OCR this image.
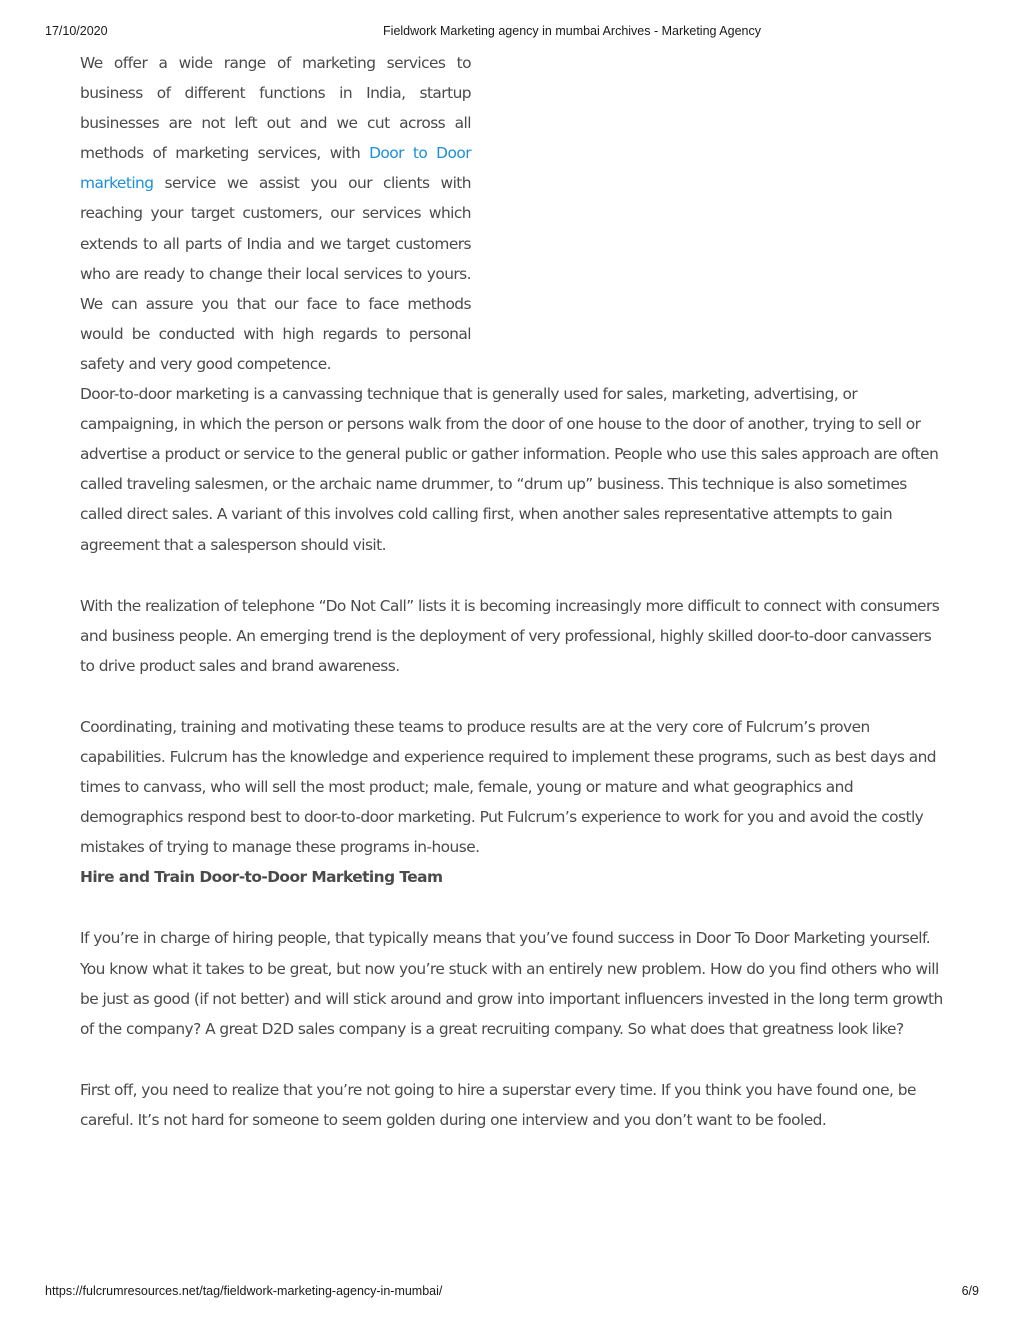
17/10/2020	Fieldwork Marketing agency in mumbai Archives - Marketing Agency

We offer a wide range of marketing services to business of different functions in India, startup businesses are not left out and we cut across all methods of marketing services, with Door to Door marketing service we assist you our clients with reaching your target customers, our services which extends to all parts of India and we target customers who are ready to change their local services to yours. We can assure you that our face to face methods would be conducted with high regards to personal safety and very good competence.

Door-to-door marketing is a canvassing technique that is generally used for sales, marketing, advertising, or campaigning, in which the person or persons walk from the door of one house to the door of another, trying to sell or advertise a product or service to the general public or gather information. People who use this sales approach are often called traveling salesmen, or the archaic name drummer, to “drum up” business. This technique is also sometimes called direct sales. A variant of this involves cold calling first, when another sales representative attempts to gain agreement that a salesperson should visit.

With the realization of telephone “Do Not Call” lists it is becoming increasingly more difficult to connect with consumers and business people. An emerging trend is the deployment of very professional, highly skilled door-to-door canvassers to drive product sales and brand awareness.

Coordinating, training and motivating these teams to produce results are at the very core of Fulcrum’s proven capabilities. Fulcrum has the knowledge and experience required to implement these programs, such as best days and times to canvass, who will sell the most product; male, female, young or mature and what geographics and demographics respond best to door-to-door marketing. Put Fulcrum’s experience to work for you and avoid the costly mistakes of trying to manage these programs in-house.

Hire and Train Door-to-Door Marketing Team

If you’re in charge of hiring people, that typically means that you’ve found success in Door To Door Marketing yourself. You know what it takes to be great, but now you’re stuck with an entirely new problem. How do you find others who will be just as good (if not better) and will stick around and grow into important influencers invested in the long term growth of the company? A great D2D sales company is a great recruiting company. So what does that greatness look like?

First off, you need to realize that you’re not going to hire a superstar every time. If you think you have found one, be careful. It’s not hard for someone to seem golden during one interview and you don’t want to be fooled.

https://fulcrumresources.net/tag/fieldwork-marketing-agency-in-mumbai/	6/9
